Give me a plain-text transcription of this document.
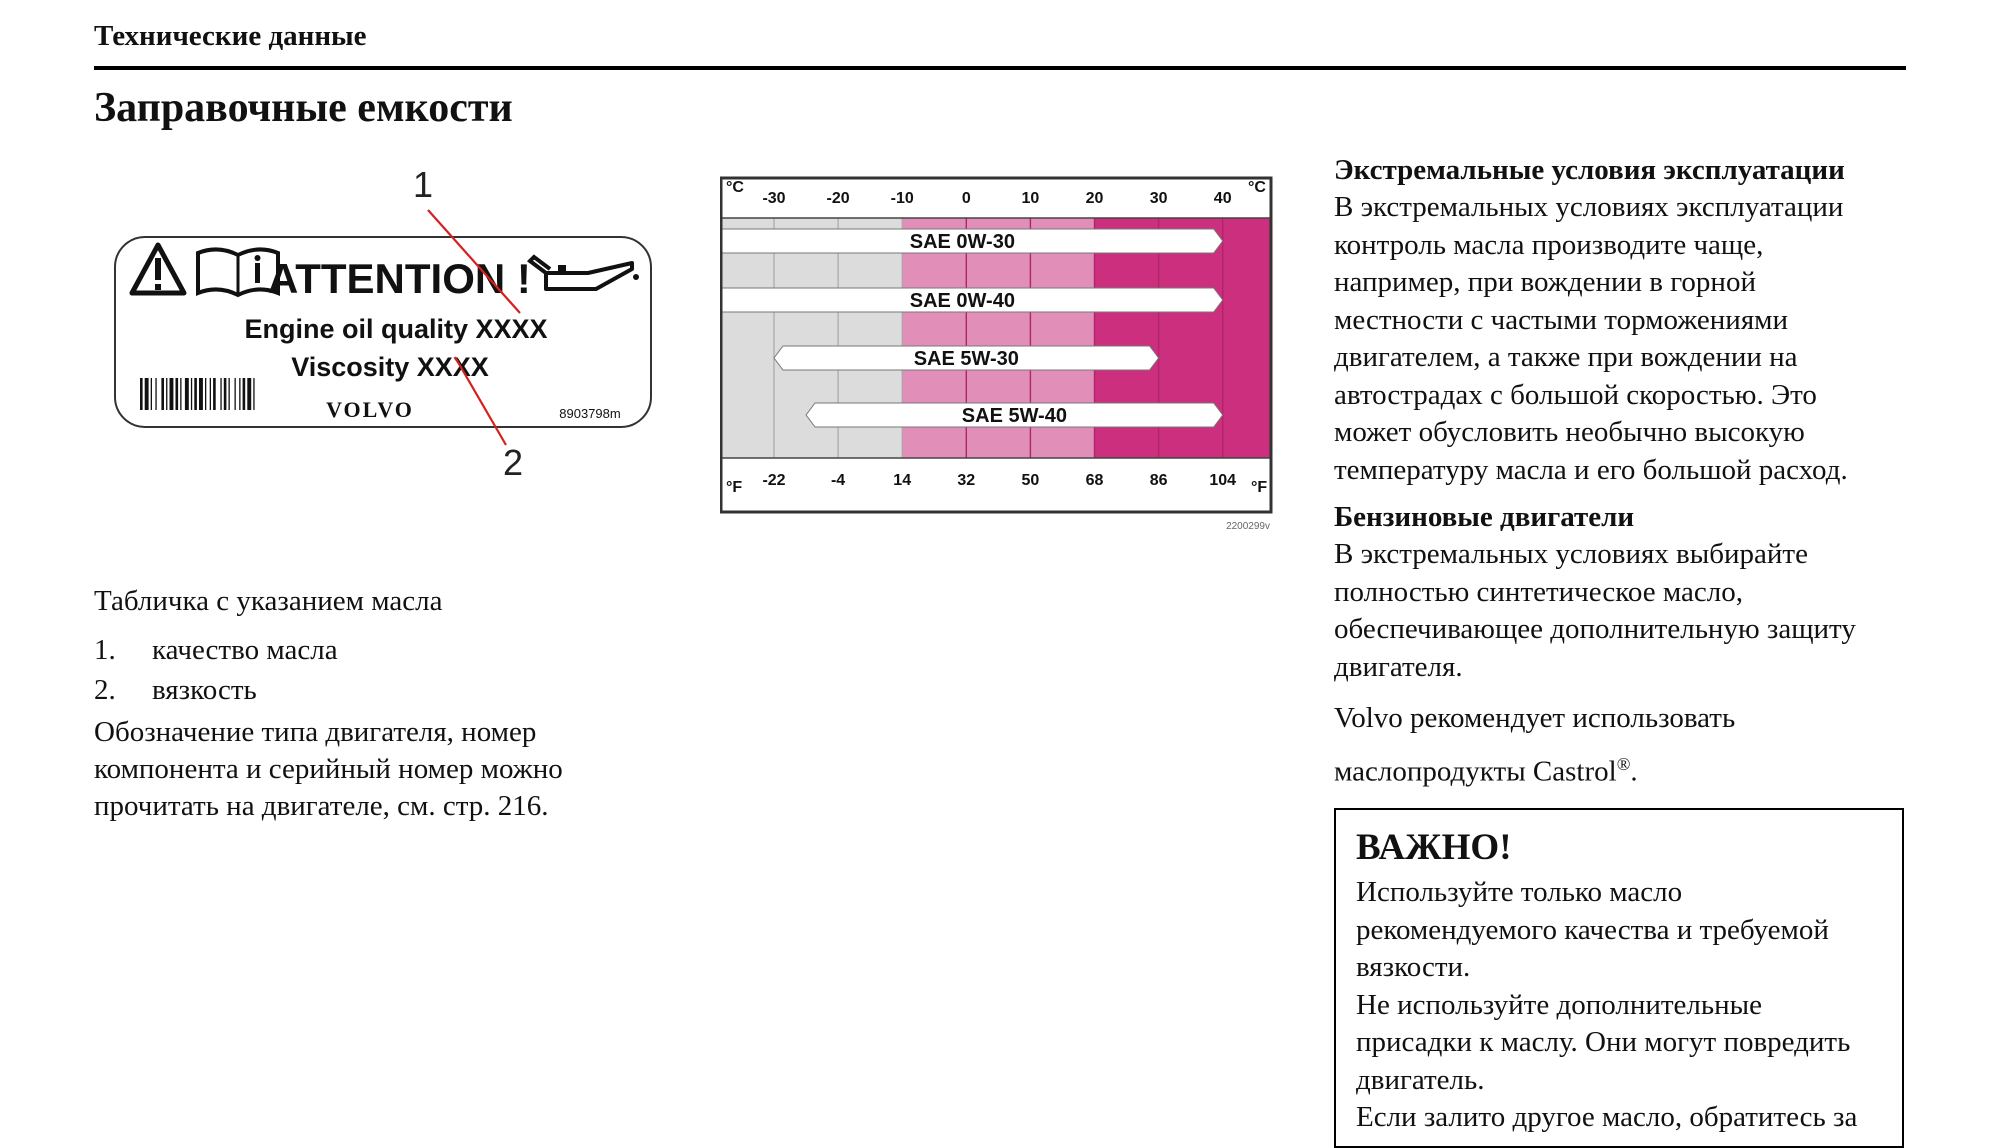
Технические данные
Заправочные емкости
ATTENTION !
Engine oil quality XXXX
Viscosity XXXX
VOLVO	8903798m
1
2
SAE 0W-30
SAE 0W-40
SAE 5W-30
SAE 5W-40
-30	-20	-10	0	10	20	30	40
-22	-4	14	32	50	68	86	104
°C	°C
°F	°F
2200299v
Табличка с указанием масла
1.	качество масла
2.	вязкость
Обозначение типа двигателя, номер
компонента и серийный номер можно
прочитать на двигателе, см. стр. 216.
Экстремальные условия эксплуатации

В экстремальных условиях эксплуатации

контроль масла производите чаще,

например, при вождении в горной

местности с частыми торможениями

двигателем, а также при вождении на

автострадах с большой скоростью. Это

может обусловить необычно высокую

температуру масла и его большой расход.

Бензиновые двигатели

В экстремальных условиях выбирайте

полностью синтетическое масло,

обеспечивающее дополнительную защиту

двигателя.

Volvo рекомендует использовать

маслопродукты Castrol®.

ВАЖНО!

Используйте только масло

рекомендуемого качества и требуемой

вязкости.

Не используйте дополнительные

присадки к маслу. Они могут повредить

двигатель.

Если залито другое масло, обратитесь за
